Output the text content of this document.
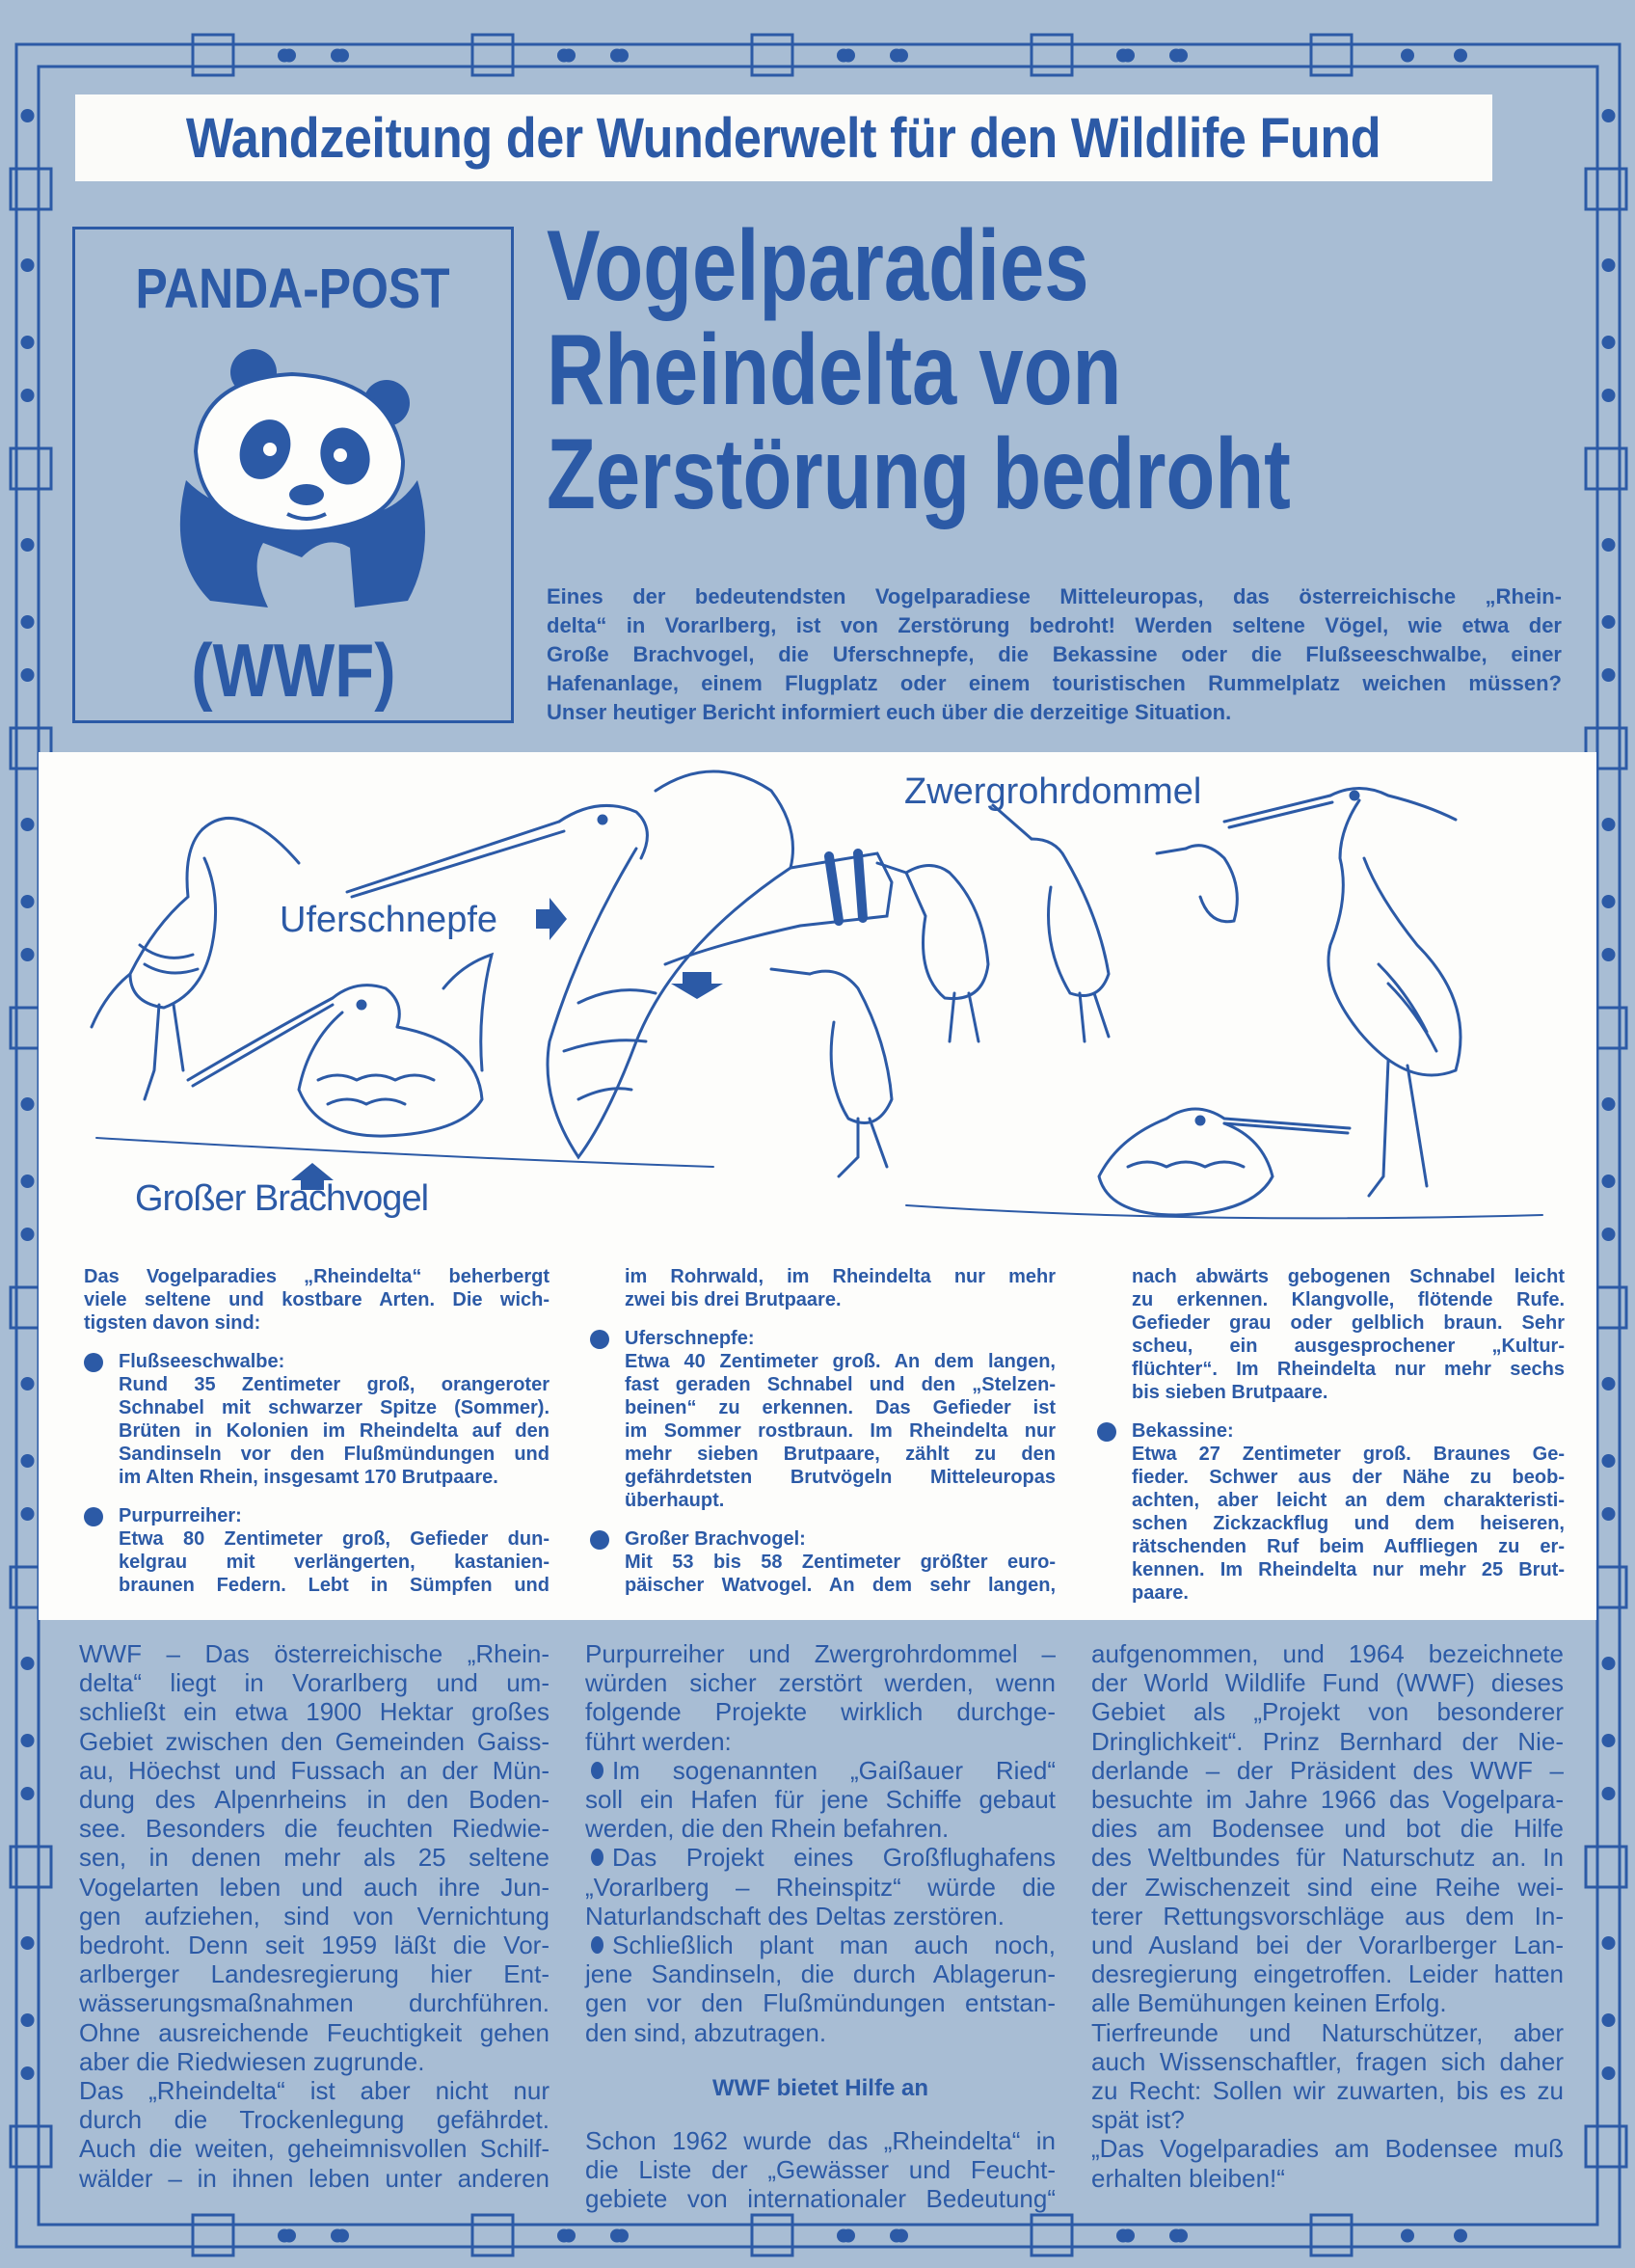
Wandzeitung der Wunderwelt für den Wildlife Fund
PANDA-POST
(WWF)
Vogelparadies
Rheindelta von
Zerstörung bedroht
Eines der bedeutendsten Vogelparadiese Mitteleuropas, das österreichische „Rhein-
delta“ in Vorarlberg, ist von Zerstörung bedroht! Werden seltene Vögel, wie etwa der
Große Brachvogel, die Uferschnepfe, die Bekassine oder die Flußseeschwalbe, einer
Hafenanlage, einem Flugplatz oder einem touristischen Rummelplatz weichen müssen?
Unser heutiger Bericht informiert euch über die derzeitige Situation.
Zwergrohrdommel
Uferschnepfe
Großer Brachvogel
Das Vogelparadies „Rheindelta“ beherbergt
viele seltene und kostbare Arten. Die wich-
tigsten davon sind:
Flußseeschwalbe:
Rund 35 Zentimeter groß, orangeroter
Schnabel mit schwarzer Spitze (Sommer).
Brüten in Kolonien im Rheindelta auf den
Sandinseln vor den Flußmündungen und
im Alten Rhein, insgesamt 170 Brutpaare.
Purpurreiher:
Etwa 80 Zentimeter groß, Gefieder dun-
kelgrau mit verlängerten, kastanien-
braunen Federn. Lebt in Sümpfen und
im Rohrwald, im Rheindelta nur mehr
zwei bis drei Brutpaare.
Uferschnepfe:
Etwa 40 Zentimeter groß. An dem langen,
fast geraden Schnabel und den „Stelzen-
beinen“ zu erkennen. Das Gefieder ist
im Sommer rostbraun. Im Rheindelta nur
mehr sieben Brutpaare, zählt zu den
gefährdetsten Brutvögeln Mitteleuropas
überhaupt.
Großer Brachvogel:
Mit 53 bis 58 Zentimeter größter euro-
päischer Watvogel. An dem sehr langen,
nach abwärts gebogenen Schnabel leicht
zu erkennen. Klangvolle, flötende Rufe.
Gefieder grau oder gelblich braun. Sehr
scheu, ein ausgesprochener „Kultur-
flüchter“. Im Rheindelta nur mehr sechs
bis sieben Brutpaare.
Bekassine:
Etwa 27 Zentimeter groß. Braunes Ge-
fieder. Schwer aus der Nähe zu beob-
achten, aber leicht an dem charakteristi-
schen Zickzackflug und dem heiseren,
rätschenden Ruf beim Auffliegen zu er-
kennen. Im Rheindelta nur mehr 25 Brut-
paare.
WWF – Das österreichische „Rhein-
delta“ liegt in Vorarlberg und um-
schließt ein etwa 1900 Hektar großes
Gebiet zwischen den Gemeinden Gaiss-
au, Höechst und Fussach an der Mün-
dung des Alpenrheins in den Boden-
see. Besonders die feuchten Riedwie-
sen, in denen mehr als 25 seltene
Vogelarten leben und auch ihre Jun-
gen aufziehen, sind von Vernichtung
bedroht. Denn seit 1959 läßt die Vor-
arlberger Landesregierung hier Ent-
wässerungsmaßnahmen durchführen.
Ohne ausreichende Feuchtigkeit gehen
aber die Riedwiesen zugrunde.
Das „Rheindelta“ ist aber nicht nur
durch die Trockenlegung gefährdet.
Auch die weiten, geheimnisvollen Schilf-
wälder – in ihnen leben unter anderen
Purpurreiher und Zwergrohrdommel –
würden sicher zerstört werden, wenn
folgende Projekte wirklich durchge-
führt werden:
Im sogenannten „Gaißauer Ried“
soll ein Hafen für jene Schiffe gebaut
werden, die den Rhein befahren.
Das Projekt eines Großflughafens
„Vorarlberg – Rheinspitz“ würde die
Naturlandschaft des Deltas zerstören.
Schließlich plant man auch noch,
jene Sandinseln, die durch Ablagerun-
gen vor den Flußmündungen entstan-
den sind, abzutragen.
WWF bietet Hilfe an
Schon 1962 wurde das „Rheindelta“ in
die Liste der „Gewässer und Feucht-
gebiete von internationaler Bedeutung“
aufgenommen, und 1964 bezeichnete
der World Wildlife Fund (WWF) dieses
Gebiet als „Projekt von besonderer
Dringlichkeit“. Prinz Bernhard der Nie-
derlande – der Präsident des WWF –
besuchte im Jahre 1966 das Vogelpara-
dies am Bodensee und bot die Hilfe
des Weltbundes für Naturschutz an. In
der Zwischenzeit sind eine Reihe wei-
terer Rettungsvorschläge aus dem In-
und Ausland bei der Vorarlberger Lan-
desregierung eingetroffen. Leider hatten
alle Bemühungen keinen Erfolg.
Tierfreunde und Naturschützer, aber
auch Wissenschaftler, fragen sich daher
zu Recht: Sollen wir zuwarten, bis es zu
spät ist?
„Das Vogelparadies am Bodensee muß
erhalten bleiben!“
